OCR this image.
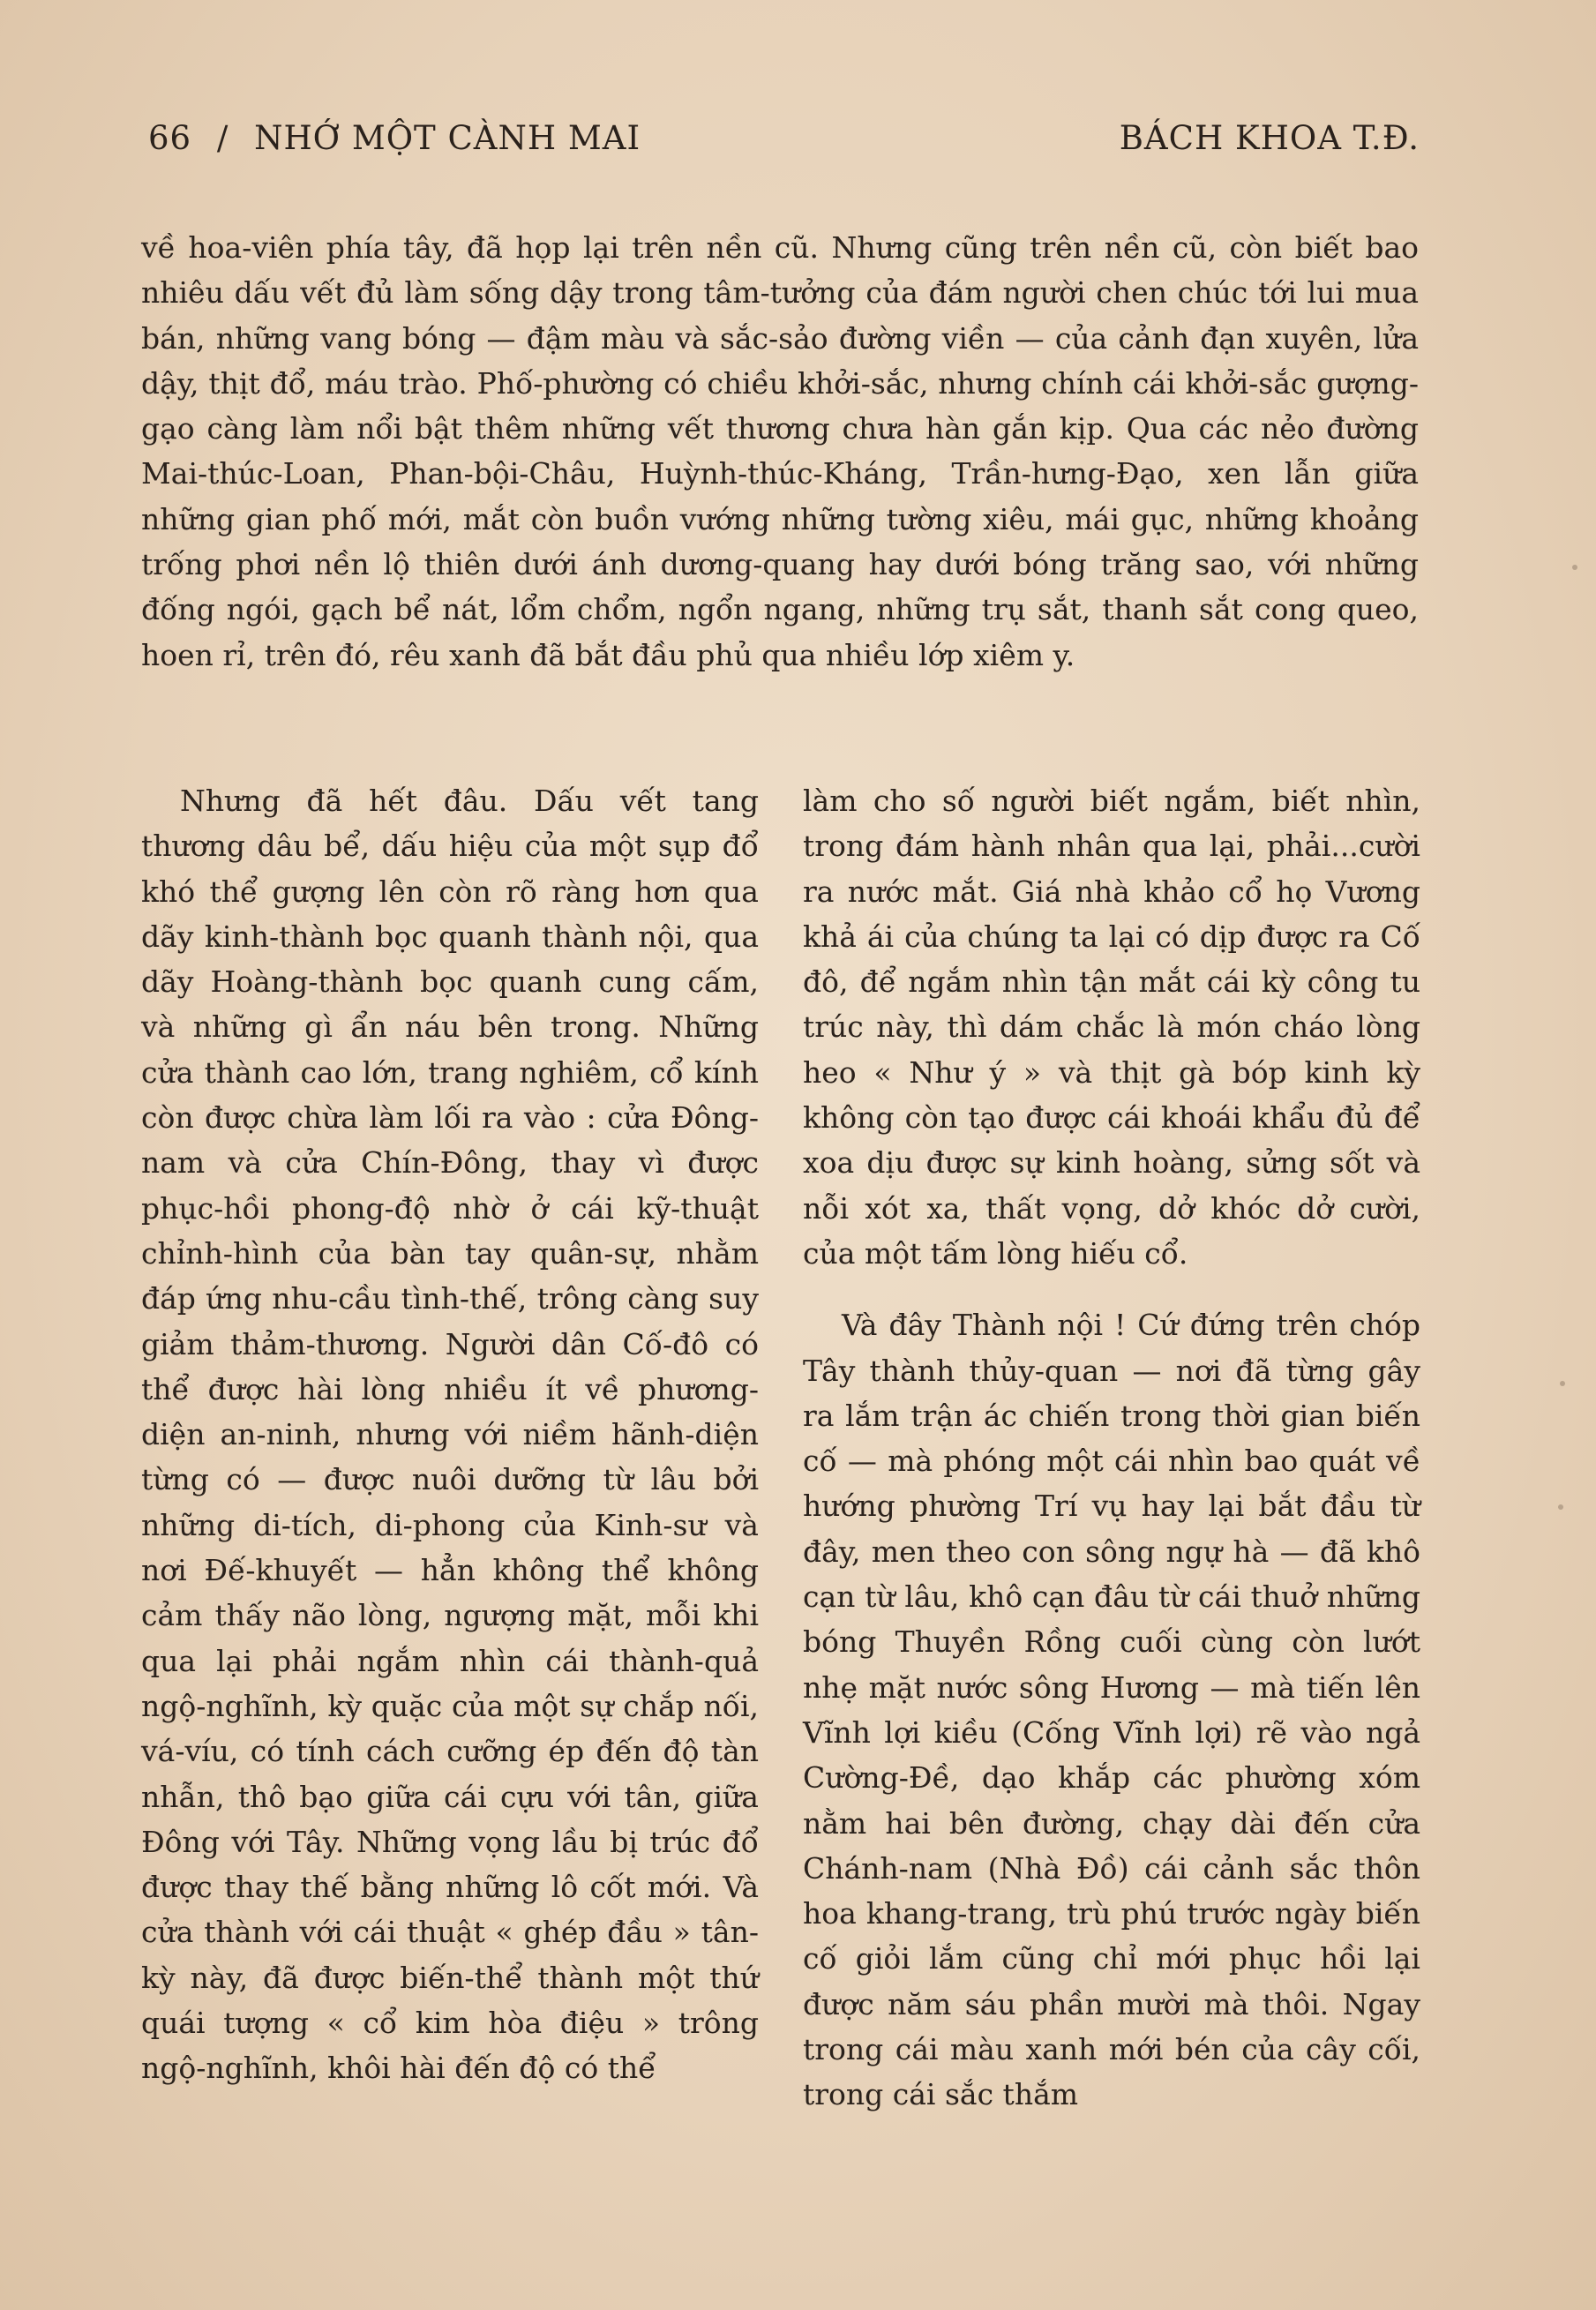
66 / NHỚ MỘT CÀNH MAI	BÁCH KHOA T.Đ.

về hoa-viên phía tây, đã họp lại trên nền cũ. Nhưng cũng trên nền cũ, còn biết bao nhiêu dấu vết đủ làm sống dậy trong tâm-tưởng của đám người chen chúc tới lui mua bán, những vang bóng — đậm màu và sắc-sảo đường viền — của cảnh đạn xuyên, lửa dậy, thịt đổ, máu trào. Phố-phường có chiều khởi-sắc, nhưng chính cái khởi-sắc gượng-gạo càng làm nổi bật thêm những vết thương chưa hàn gắn kịp. Qua các nẻo đường Mai-thúc-Loan, Phan-bội-Châu, Huỳnh-thúc-Kháng, Trần-hưng-Đạo, xen lẫn giữa những gian phố mới, mắt còn buồn vướng những tường xiêu, mái gục, những khoảng trống phơi nền lộ thiên dưới ánh dương-quang hay dưới bóng trăng sao, với những đống ngói, gạch bể nát, lổm chổm, ngổn ngang, những trụ sắt, thanh sắt cong queo, hoen rỉ, trên đó, rêu xanh đã bắt đầu phủ qua nhiều lớp xiêm y.

Nhưng đã hết đâu. Dấu vết tang thương dâu bể, dấu hiệu của một sụp đổ khó thể gượng lên còn rõ ràng hơn qua dãy kinh-thành bọc quanh thành nội, qua dãy Hoàng-thành bọc quanh cung cấm, và những gì ẩn náu bên trong. Những cửa thành cao lớn, trang nghiêm, cổ kính còn được chừa làm lối ra vào : cửa Đông-nam và cửa Chín-Đông, thay vì được phục-hồi phong-độ nhờ ở cái kỹ-thuật chỉnh-hình của bàn tay quân-sự, nhằm đáp ứng nhu-cầu tình-thế, trông càng suy giảm thảm-thương. Người dân Cố-đô có thể được hài lòng nhiều ít về phương-diện an-ninh, nhưng với niềm hãnh-diện từng có — được nuôi dưỡng từ lâu bởi những di-tích, di-phong của Kinh-sư và nơi Đế-khuyết — hẳn không thể không cảm thấy não lòng, ngượng mặt, mỗi khi qua lại phải ngắm nhìn cái thành-quả ngộ-nghĩnh, kỳ quặc của một sự chắp nối, vá-víu, có tính cách cưỡng ép đến độ tàn nhẫn, thô bạo giữa cái cựu với tân, giữa Đông với Tây. Những vọng lầu bị trúc đổ được thay thế bằng những lô cốt mới. Và cửa thành với cái thuật « ghép đầu » tân-kỳ này, đã được biến-thể thành một thứ quái tượng « cổ kim hòa điệu » trông ngộ-nghĩnh, khôi hài đến độ có thể

làm cho số người biết ngắm, biết nhìn, trong đám hành nhân qua lại, phải...cười ra nước mắt. Giá nhà khảo cổ họ Vương khả ái của chúng ta lại có dịp được ra Cố đô, để ngắm nhìn tận mắt cái kỳ công tu trúc này, thì dám chắc là món cháo lòng heo « Như ý » và thịt gà bóp kinh kỳ không còn tạo được cái khoái khẩu đủ để xoa dịu được sự kinh hoàng, sửng sốt và nỗi xót xa, thất vọng, dở khóc dở cười, của một tấm lòng hiếu cổ.

Và đây Thành nội ! Cứ đứng trên chóp Tây thành thủy-quan — nơi đã từng gây ra lắm trận ác chiến trong thời gian biến cố — mà phóng một cái nhìn bao quát về hướng phường Trí vụ hay lại bắt đầu từ đây, men theo con sông ngự hà — đã khô cạn từ lâu, khô cạn đâu từ cái thuở những bóng Thuyền Rồng cuối cùng còn lướt nhẹ mặt nước sông Hương — mà tiến lên Vĩnh lợi kiều (Cống Vĩnh lợi) rẽ vào ngả Cường-Đề, dạo khắp các phường xóm nằm hai bên đường, chạy dài đến cửa Chánh-nam (Nhà Đồ) cái cảnh sắc thôn hoa khang-trang, trù phú trước ngày biến cố giỏi lắm cũng chỉ mới phục hồi lại được năm sáu phần mười mà thôi. Ngay trong cái màu xanh mới bén của cây cối, trong cái sắc thắm
